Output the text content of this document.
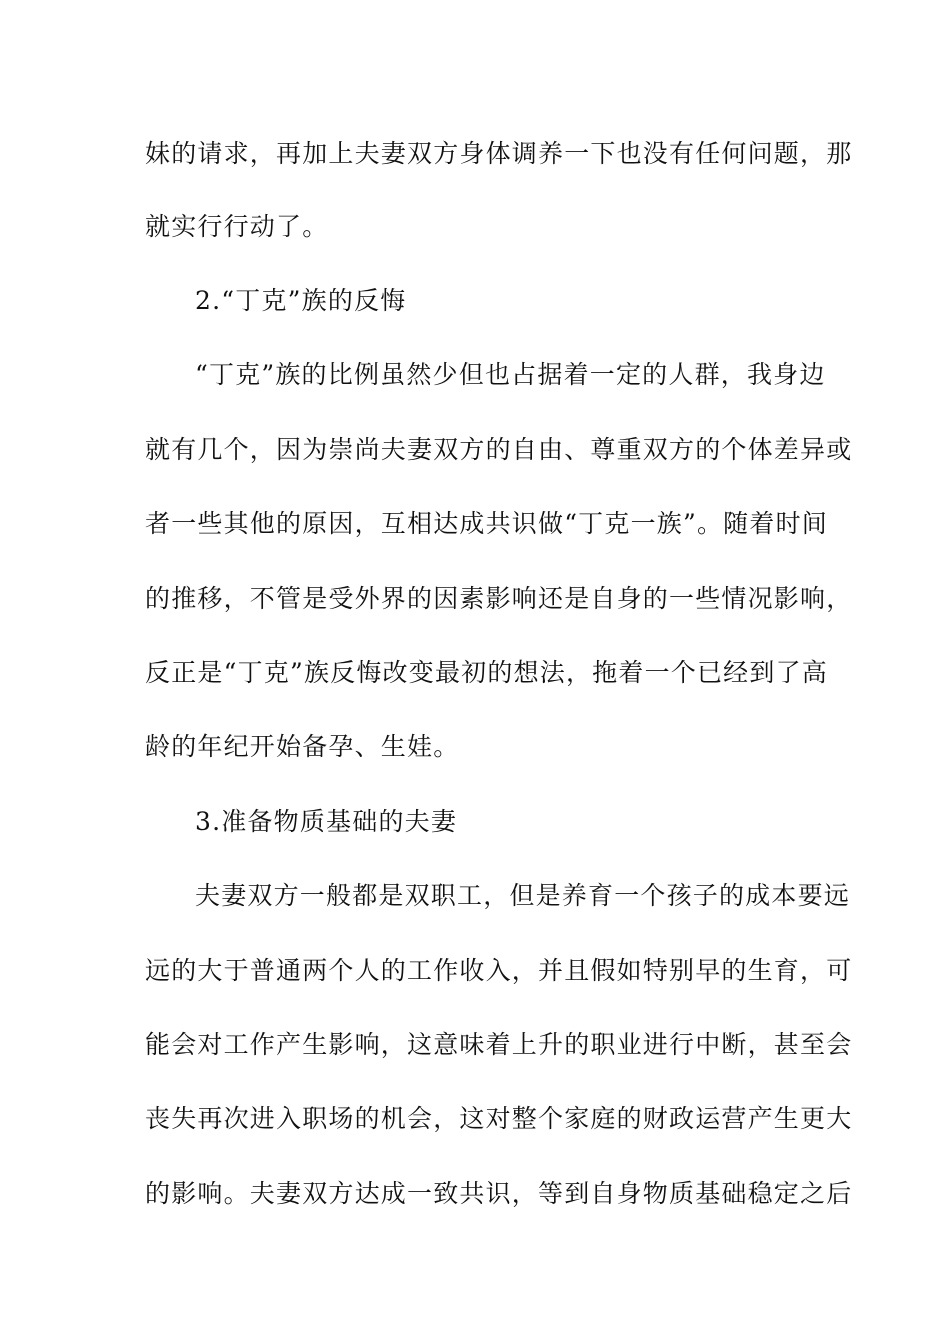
妹的请求，再加上夫妻双方身体调养一下也没有任何问题，那
就实行行动了。
2.“丁克”族的反悔
“丁克”族的比例虽然少但也占据着一定的人群，我身边
就有几个，因为崇尚夫妻双方的自由、尊重双方的个体差异或
者一些其他的原因，互相达成共识做“丁克一族”。随着时间
的推移，不管是受外界的因素影响还是自身的一些情况影响，
反正是“丁克”族反悔改变最初的想法，拖着一个已经到了高
龄的年纪开始备孕、生娃。
3.准备物质基础的夫妻
夫妻双方一般都是双职工，但是养育一个孩子的成本要远
远的大于普通两个人的工作收入，并且假如特别早的生育，可
能会对工作产生影响，这意味着上升的职业进行中断，甚至会
丧失再次进入职场的机会，这对整个家庭的财政运营产生更大
的影响。夫妻双方达成一致共识，等到自身物质基础稳定之后
